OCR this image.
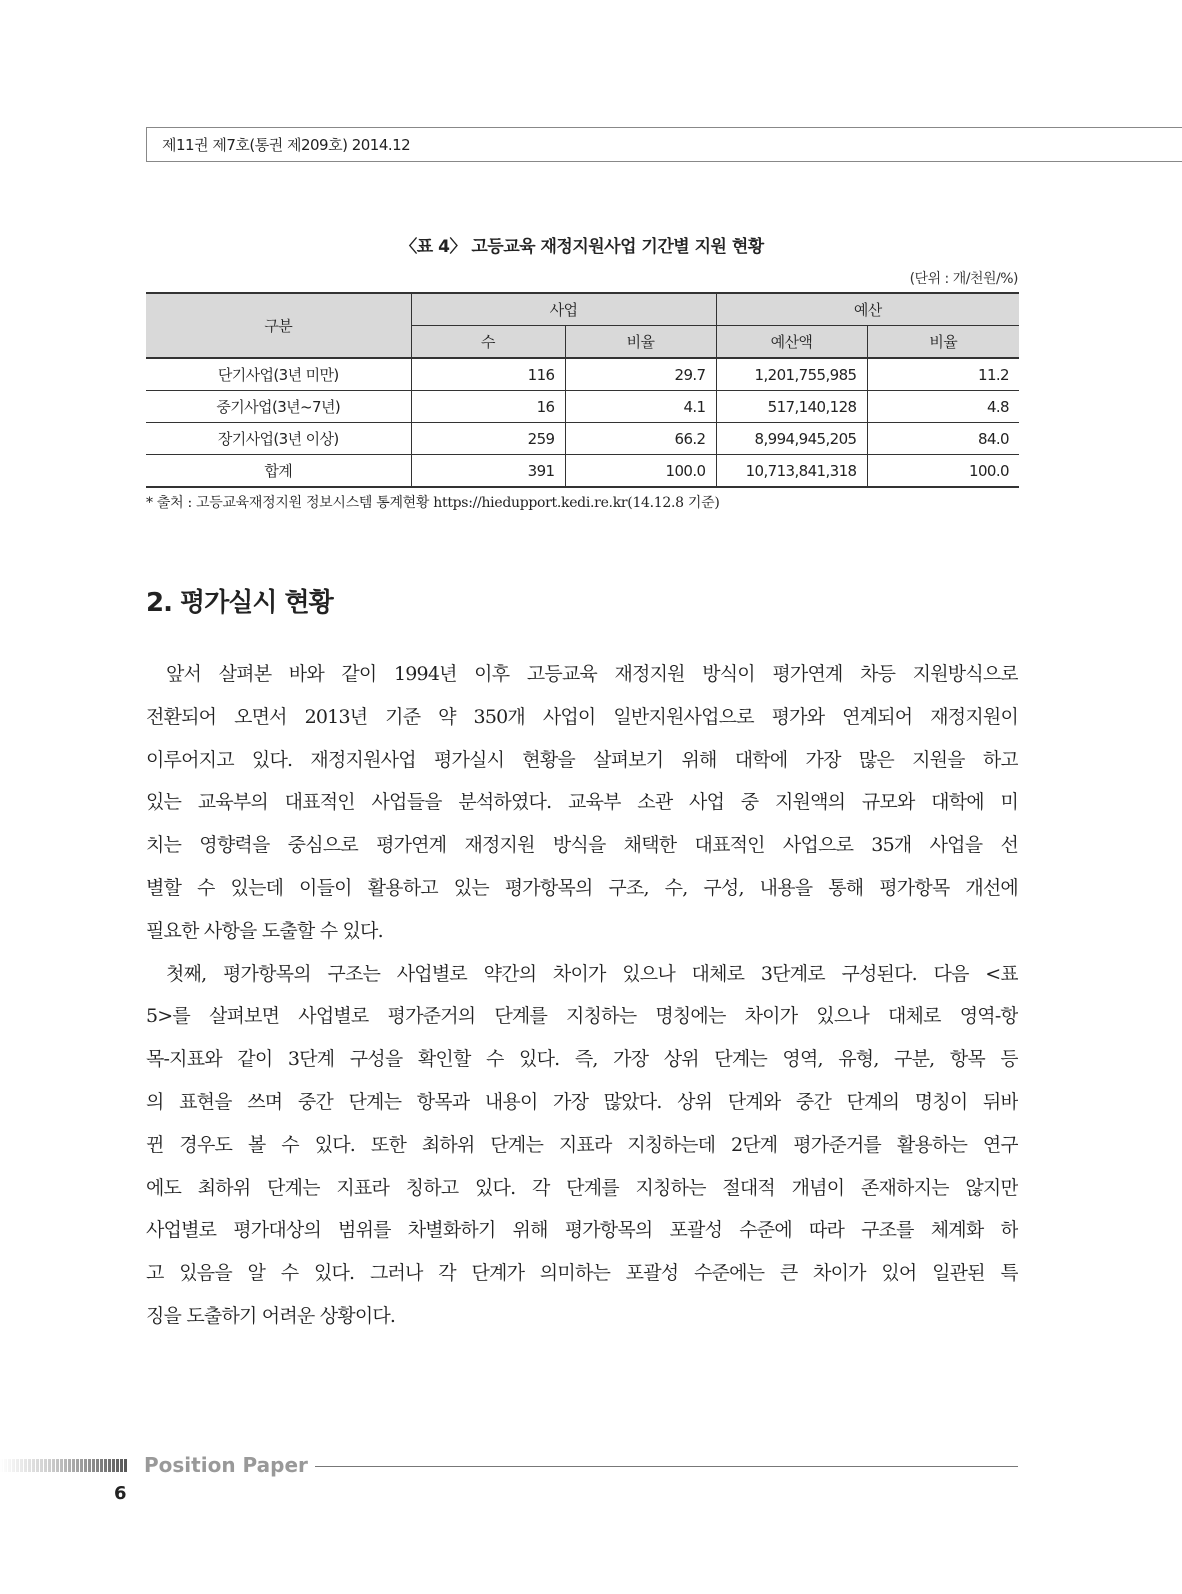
제11권 제7호(통권 제209호) 2014.12
〈표 4〉 고등교육 재정지원사업 기간별 지원 현황
(단위 : 개/천원/%)
구분	사업		예산	
	수	비율	예산액	비율
단기사업(3년 미만)	116	29.7	1,201,755,985	11.2
중기사업(3년~7년)	16	4.1	517,140,128	4.8
장기사업(3년 이상)	259	66.2	8,994,945,205	84.0
합계	391	100.0	10,713,841,318	100.0
* 출처 : 고등교육재정지원 정보시스템 통계현황 https://hiedupport.kedi.re.kr(14.12.8 기준)
2. 평가실시 현황
앞서 살펴본 바와 같이 1994년 이후 고등교육 재정지원 방식이 평가연계 차등 지원방식으로
전환되어 오면서 2013년 기준 약 350개 사업이 일반지원사업으로 평가와 연계되어 재정지원이
이루어지고 있다. 재정지원사업 평가실시 현황을 살펴보기 위해 대학에 가장 많은 지원을 하고
있는 교육부의 대표적인 사업들을 분석하였다. 교육부 소관 사업 중 지원액의 규모와 대학에 미
치는 영향력을 중심으로 평가연계 재정지원 방식을 채택한 대표적인 사업으로 35개 사업을 선
별할 수 있는데 이들이 활용하고 있는 평가항목의 구조, 수, 구성, 내용을 통해 평가항목 개선에
필요한 사항을 도출할 수 있다.
첫째, 평가항목의 구조는 사업별로 약간의 차이가 있으나 대체로 3단계로 구성된다. 다음 <표
5>를 살펴보면 사업별로 평가준거의 단계를 지칭하는 명칭에는 차이가 있으나 대체로 영역-항
목-지표와 같이 3단계 구성을 확인할 수 있다. 즉, 가장 상위 단계는 영역, 유형, 구분, 항목 등
의 표현을 쓰며 중간 단계는 항목과 내용이 가장 많았다. 상위 단계와 중간 단계의 명칭이 뒤바
뀐 경우도 볼 수 있다. 또한 최하위 단계는 지표라 지칭하는데 2단계 평가준거를 활용하는 연구
에도 최하위 단계는 지표라 칭하고 있다. 각 단계를 지칭하는 절대적 개념이 존재하지는 않지만
사업별로 평가대상의 범위를 차별화하기 위해 평가항목의 포괄성 수준에 따라 구조를 체계화 하
고 있음을 알 수 있다. 그러나 각 단계가 의미하는 포괄성 수준에는 큰 차이가 있어 일관된 특
징을 도출하기 어려운 상황이다.
Position Paper
6
